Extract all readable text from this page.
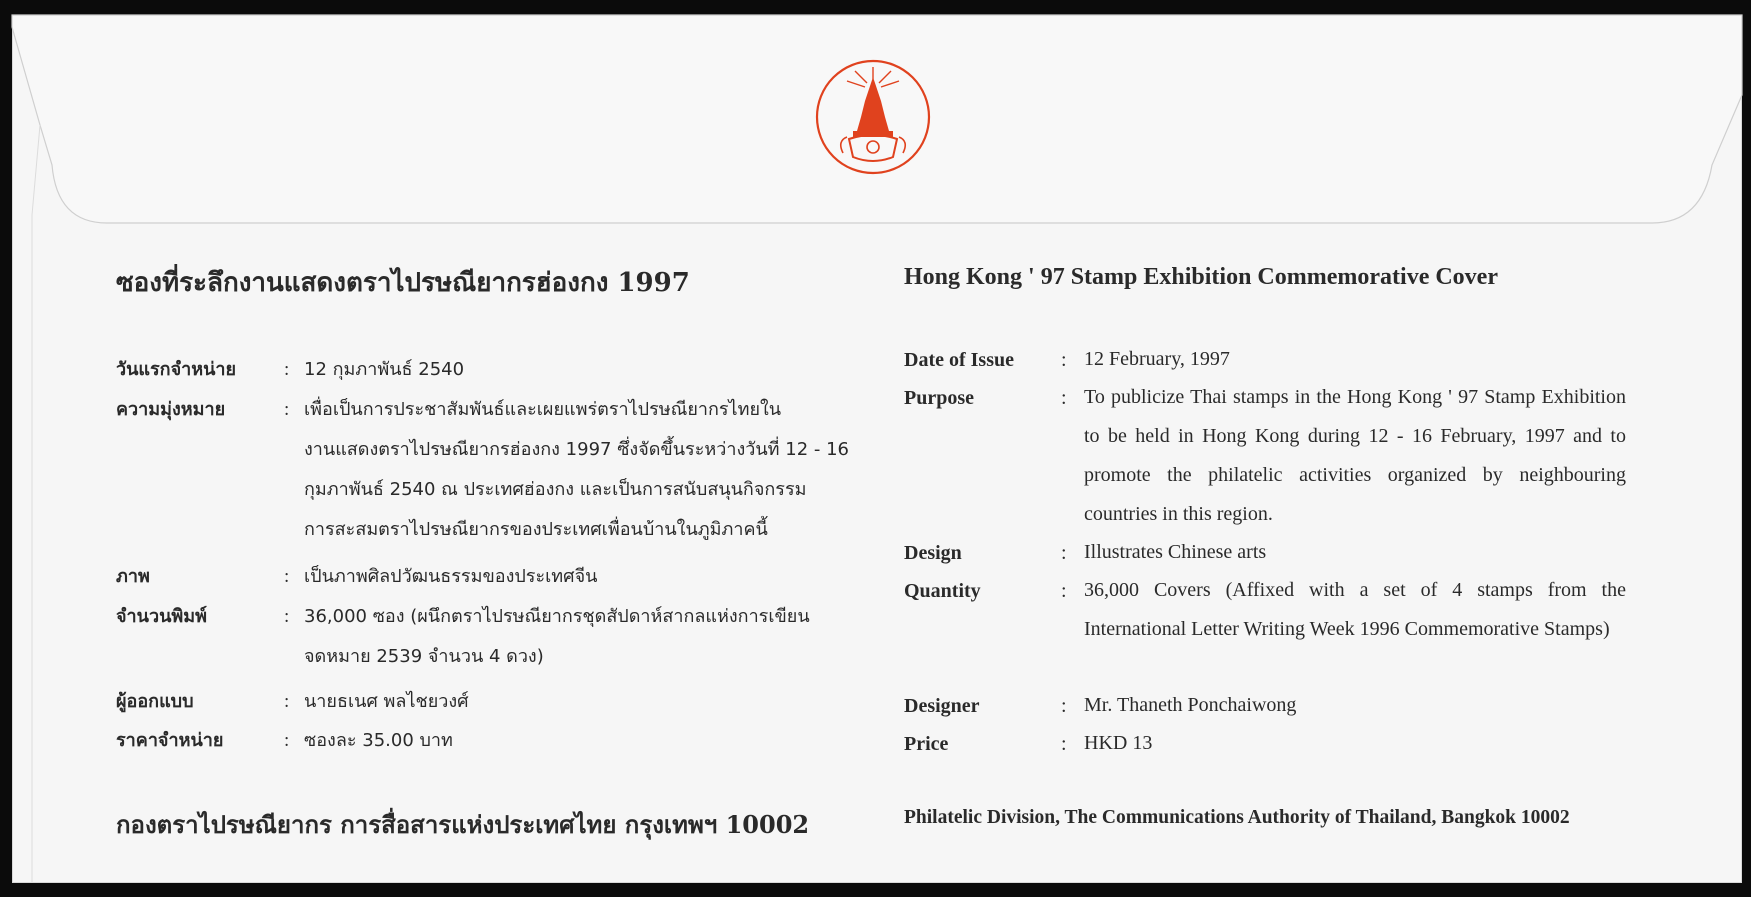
ซองที่ระลึกงานแสดงตราไปรษณียากรฮ่องกง 1997	Hong Kong ' 97 Stamp Exhibition Commemorative Cover
วันแรกจำหน่าย	: 12 กุมภาพันธ์ 2540
ความมุ่งหมาย	: เพื่อเป็นการประชาสัมพันธ์และเผยแพร่ตราไปรษณียากรไทยใน
งานแสดงตราไปรษณียากรฮ่องกง 1997 ซึ่งจัดขึ้นระหว่างวันที่ 12 - 16
กุมภาพันธ์ 2540 ณ ประเทศฮ่องกง และเป็นการสนับสนุนกิจกรรม
การสะสมตราไปรษณียากรของประเทศเพื่อนบ้านในภูมิภาคนี้
ภาพ	: เป็นภาพศิลปวัฒนธรรมของประเทศจีน
จำนวนพิมพ์	: 36,000 ซอง (ผนึกตราไปรษณียากรชุดสัปดาห์สากลแห่งการเขียน
จดหมาย 2539 จำนวน 4 ดวง)
ผู้ออกแบบ	: นายธเนศ พลไชยวงศ์
ราคาจำหน่าย	: ซองละ 35.00 บาท
Date of Issue	: 12 February, 1997
Purpose	: To publicize Thai stamps in the Hong Kong ' 97 Stamp Exhibition to be held in Hong Kong during 12 - 16 February, 1997 and to promote the philatelic activities organized by neighbouring countries in this region.
Design	: Illustrates Chinese arts
Quantity	: 36,000 Covers (Affixed with a set of 4 stamps from the International Letter Writing Week 1996 Commemorative Stamps)
Designer	: Mr. Thaneth Ponchaiwong
Price	: HKD 13
กองตราไปรษณียากร การสื่อสารแห่งประเทศไทย กรุงเทพฯ 10002	Philatelic Division, The Communications Authority of Thailand, Bangkok 10002
